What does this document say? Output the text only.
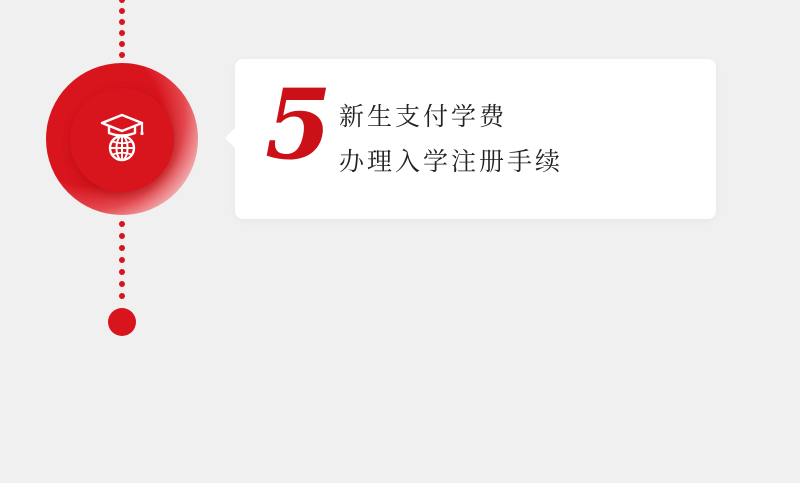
5 新生支付学费
办理入学注册手续
